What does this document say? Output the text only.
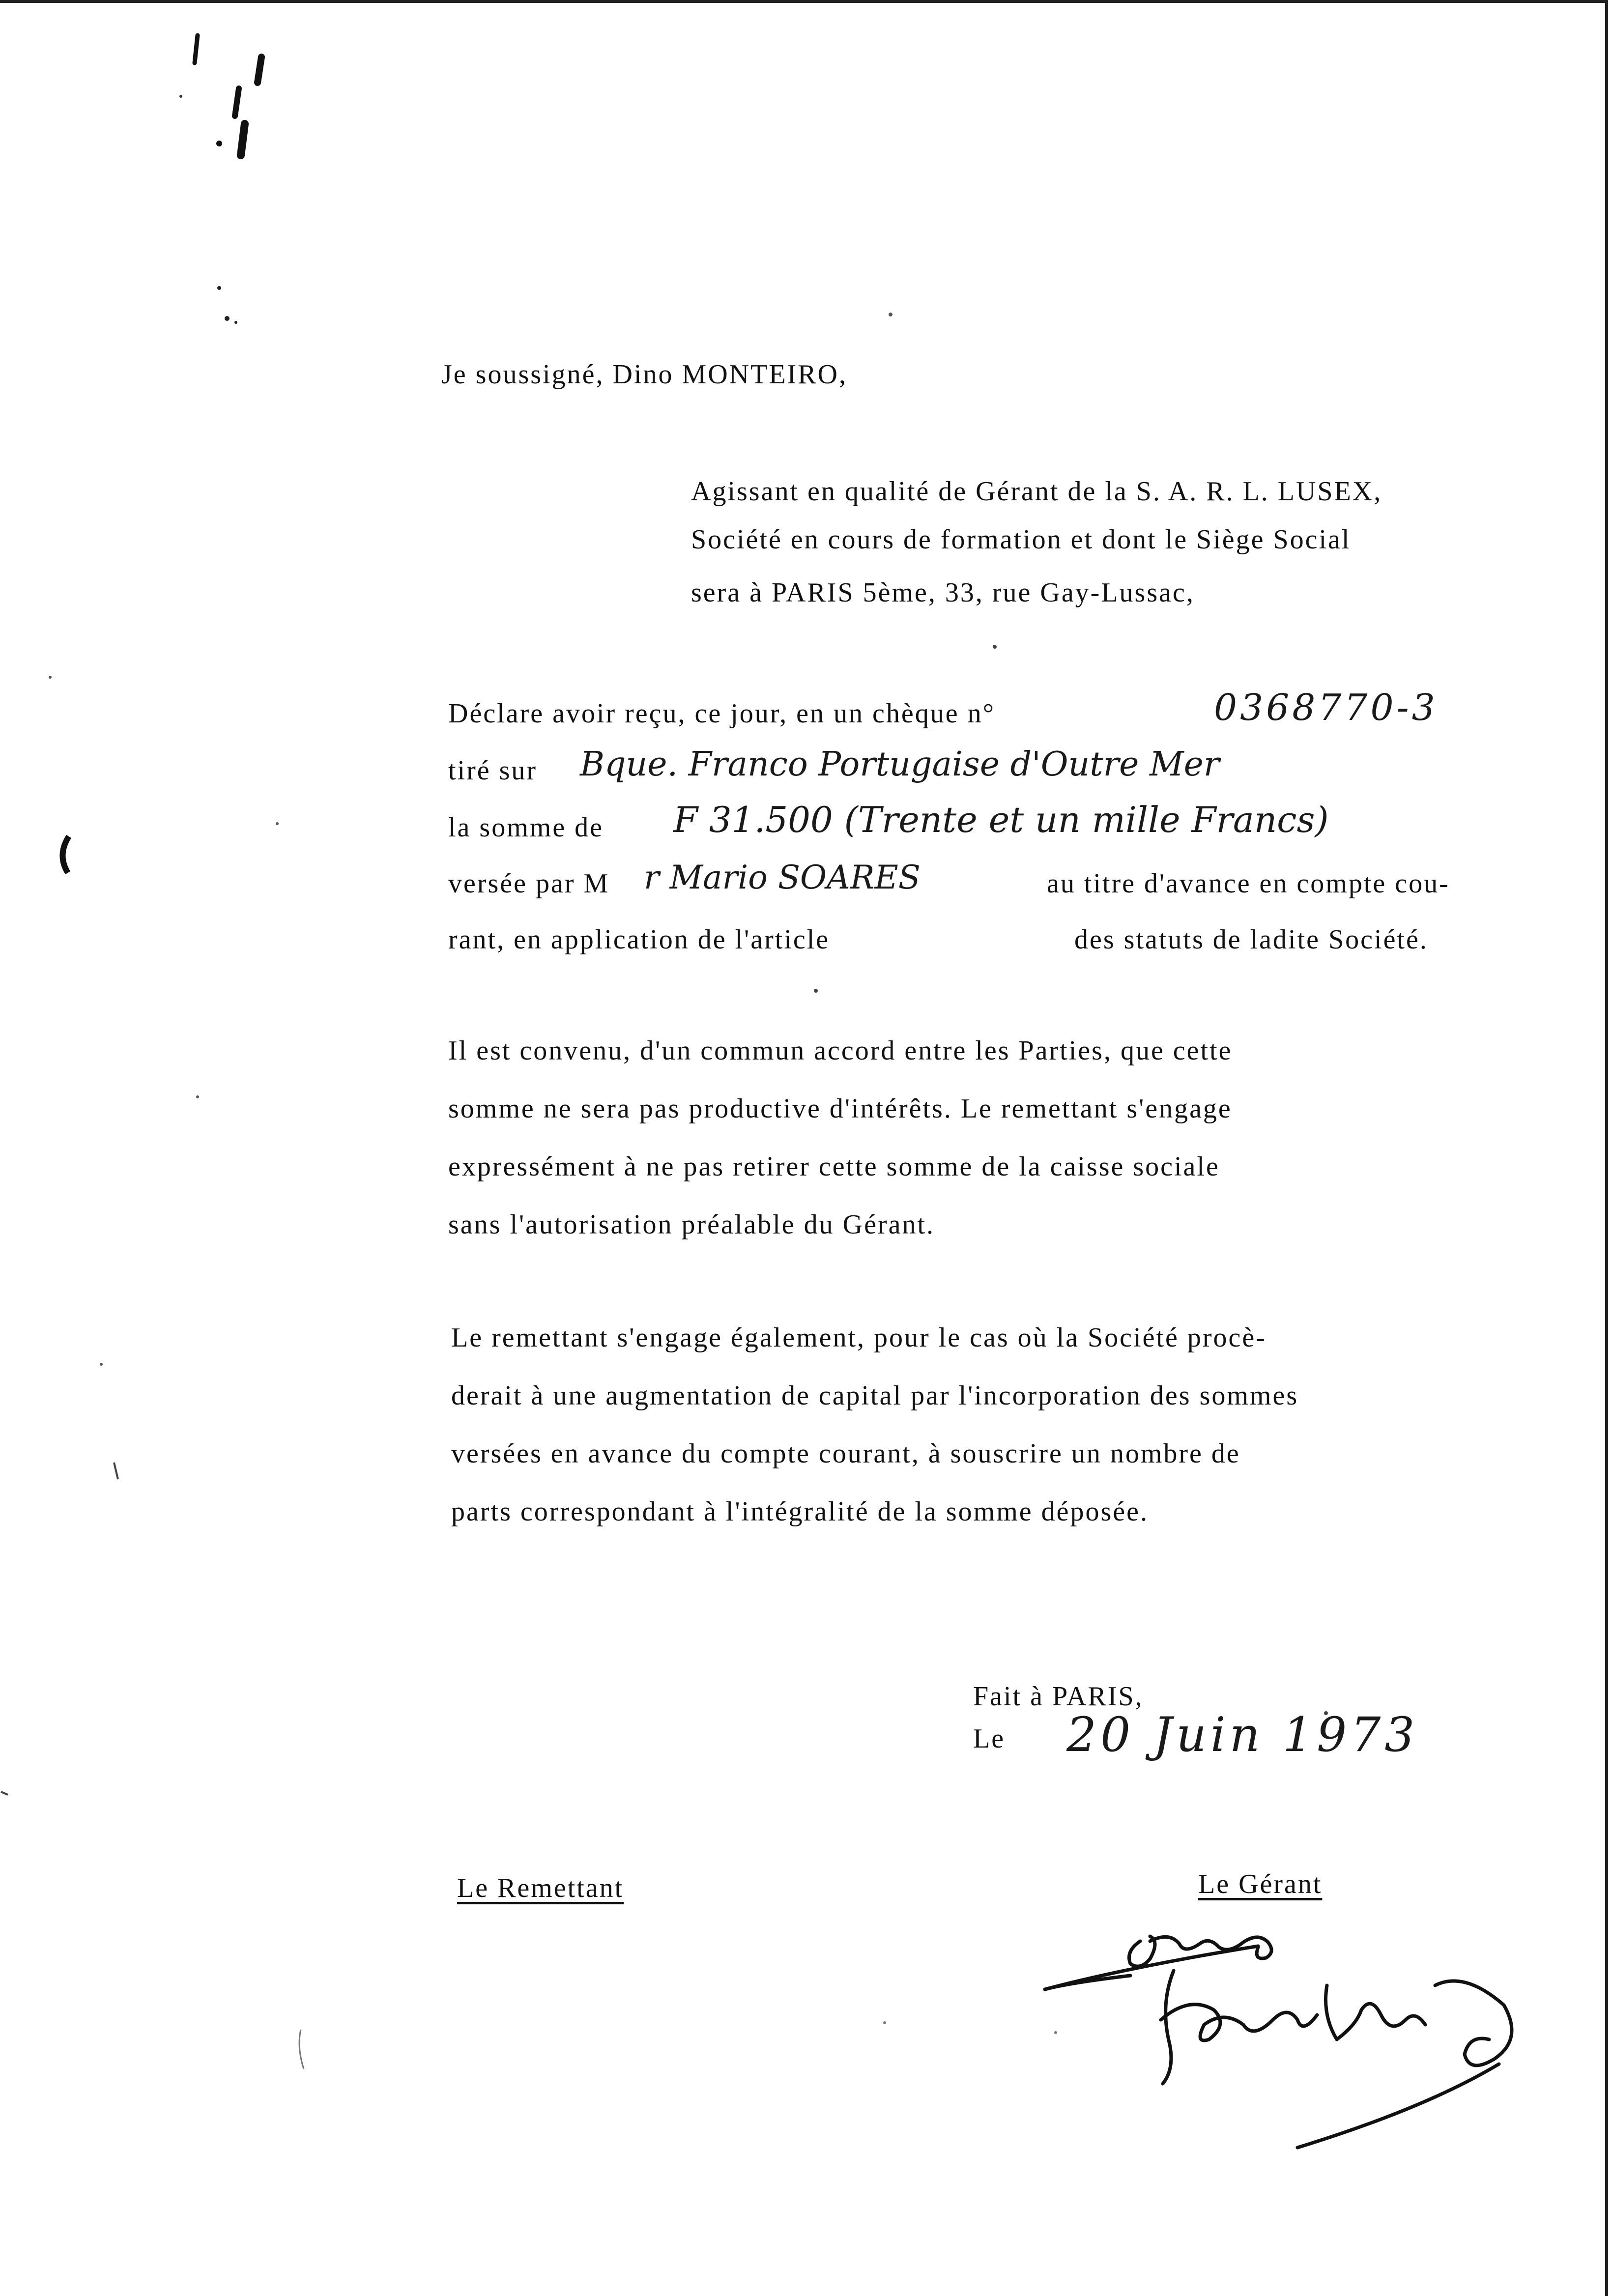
Je soussigné, Dino MONTEIRO,
Agissant en qualité de Gérant de la S. A. R. L. LUSEX,
Société en cours de formation et dont le Siège Social
sera à PARIS 5ème, 33, rue Gay-Lussac,
Déclare avoir reçu, ce jour, en un chèque n°	0368770-3
tiré sur Bque. Franco Portugaise d'Outre Mer
la somme de F 31.500 (Trente et un mille Francs)
versée par M r Mario SOARES	au titre d'avance en compte cou-
rant, en application de l'article	des statuts de ladite Société.
Il est convenu, d'un commun accord entre les Parties, que cette
somme ne sera pas productive d'intérêts. Le remettant s'engage
expressément à ne pas retirer cette somme de la caisse sociale
sans l'autorisation préalable du Gérant.
Le remettant s'engage également, pour le cas où la Société procè-
derait à une augmentation de capital par l'incorporation des sommes
versées en avance du compte courant, à souscrire un nombre de
parts correspondant à l'intégralité de la somme déposée.
Fait à PARIS,
Le 20 Juin 1973
Le Remettant	Le Gérant
